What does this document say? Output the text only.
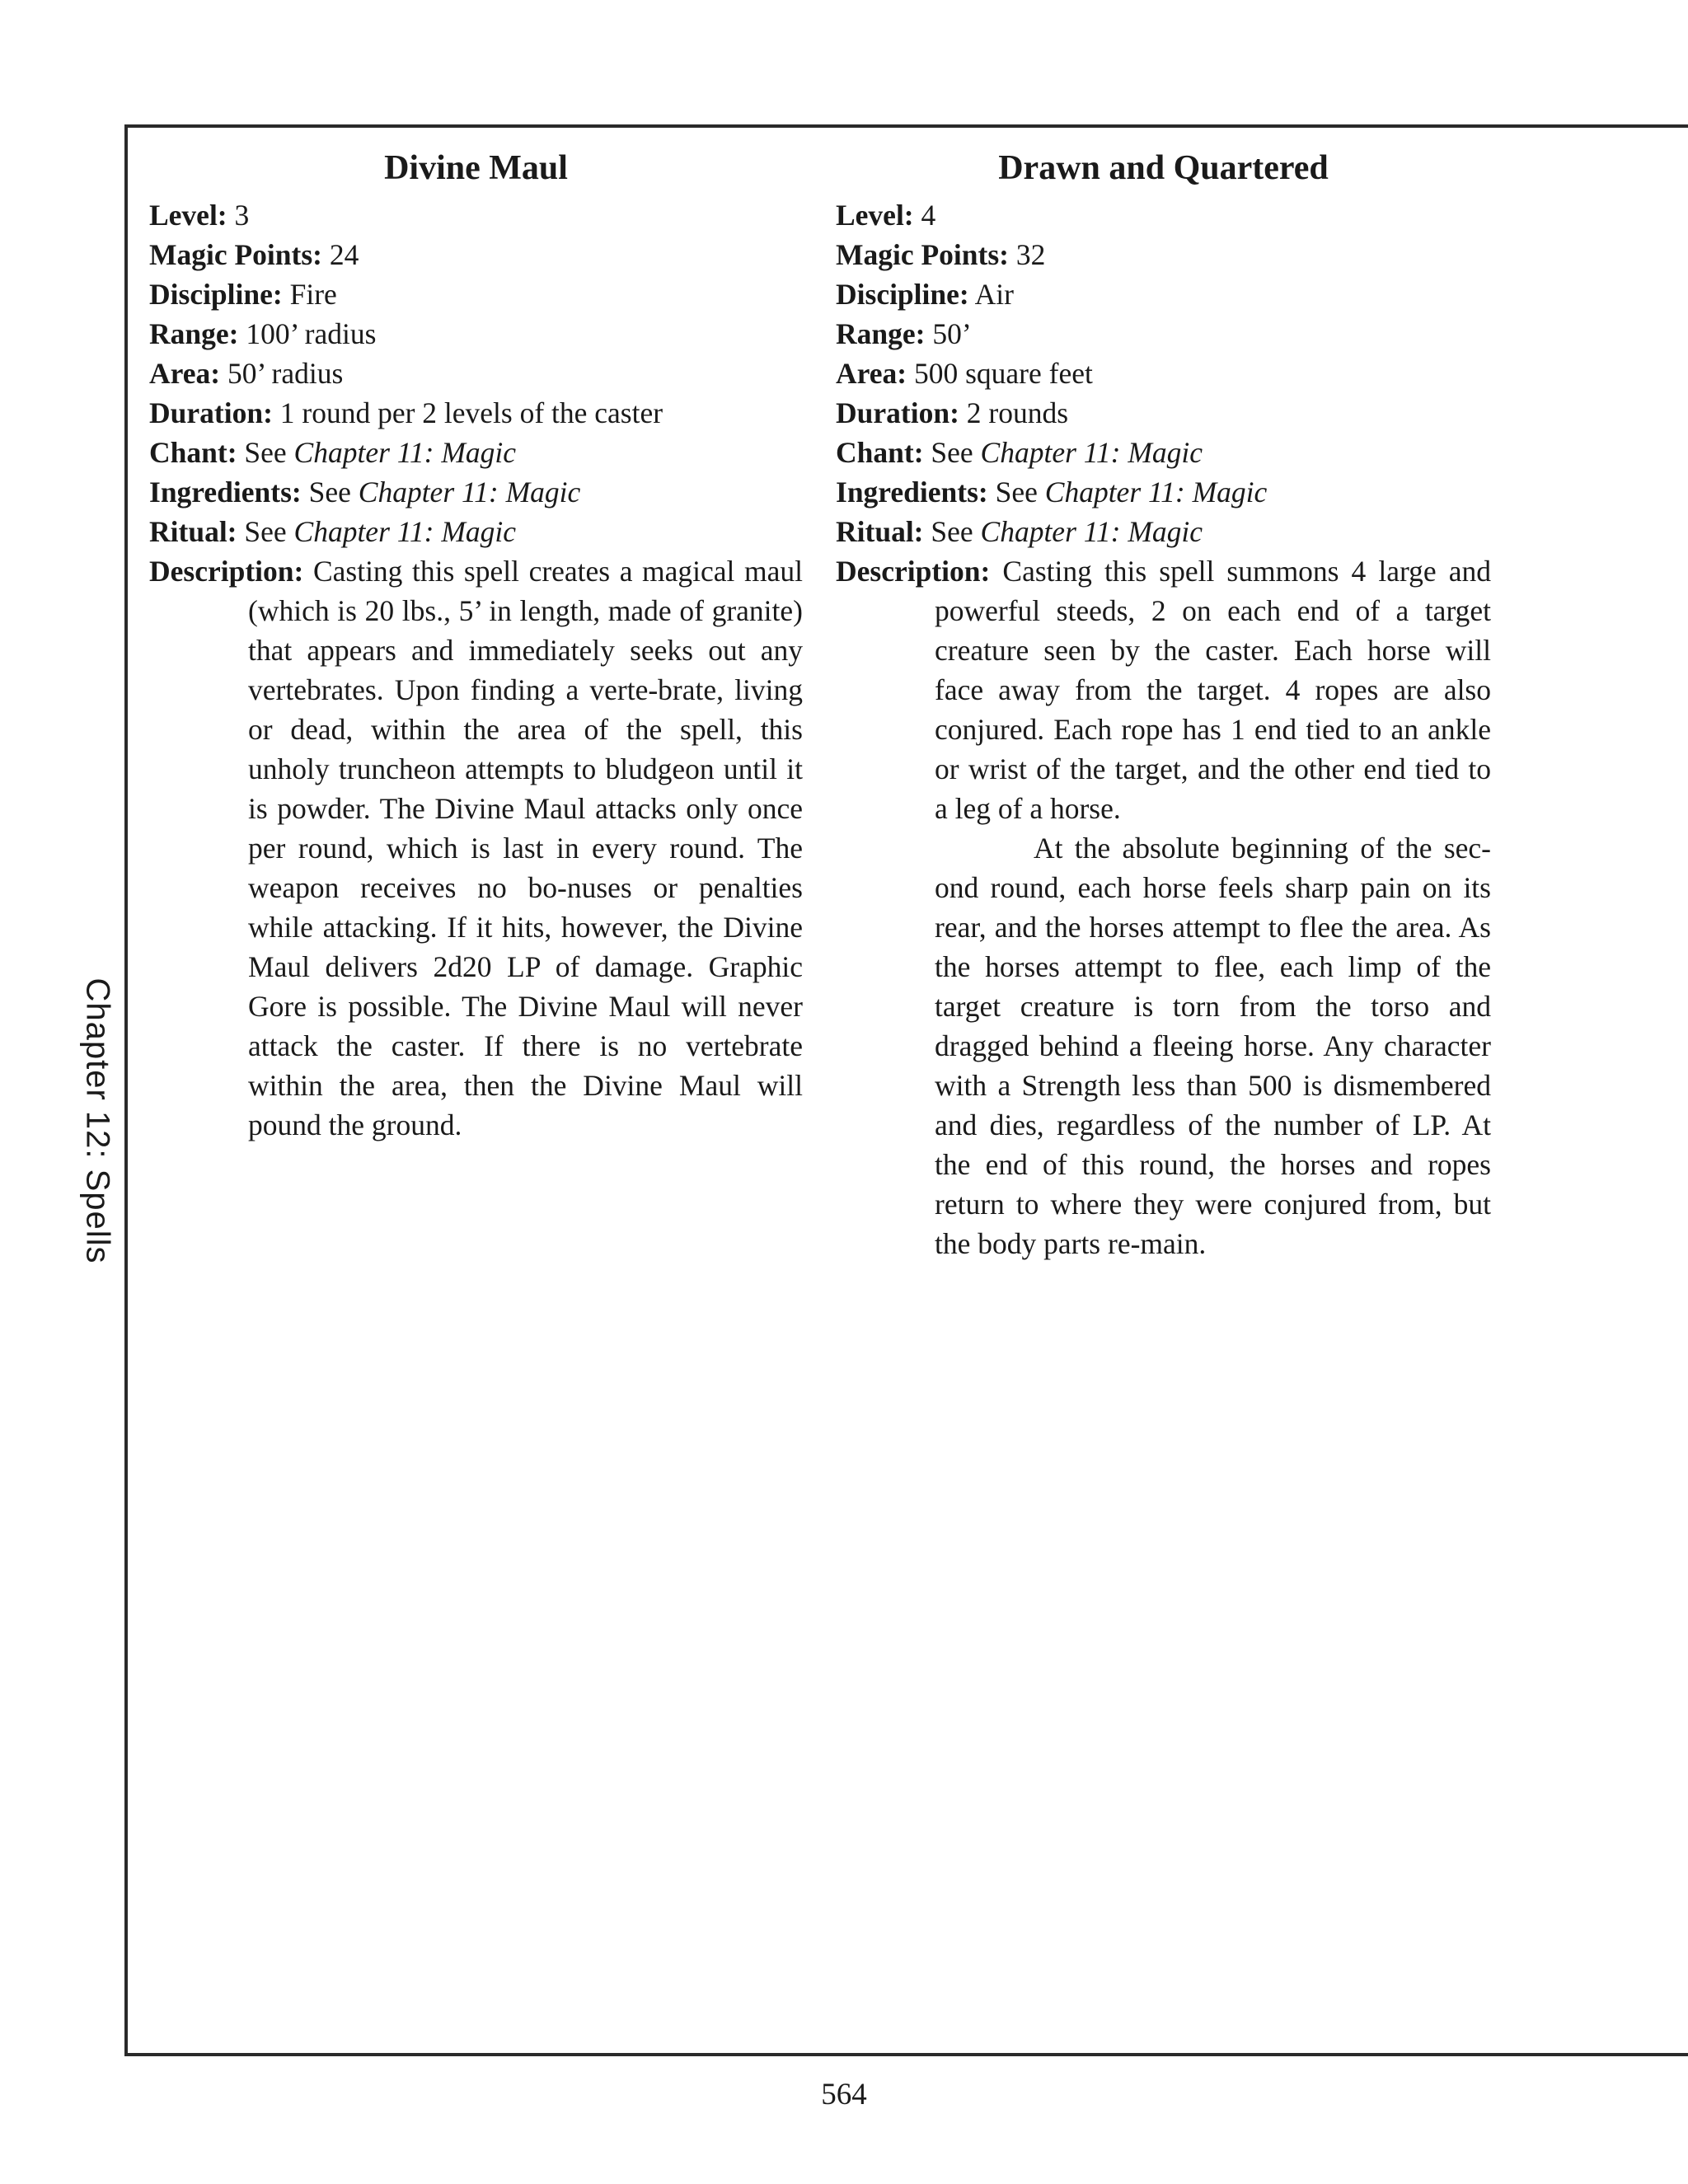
Chapter 12: Spells
Divine Maul
Level: 3
Magic Points: 24
Discipline: Fire
Range: 100’ radius
Area: 50’ radius
Duration: 1 round per 2 levels of the caster
Chant: See Chapter 11: Magic
Ingredients: See Chapter 11: Magic
Ritual: See Chapter 11: Magic

Description: Casting this spell creates a magical maul (which is 20 lbs., 5’ in length, made of granite) that appears and immediately seeks out any vertebrates. Upon finding a verte-brate, living or dead, within the area of the spell, this unholy truncheon attempts to bludgeon until it is powder. The Divine Maul attacks only once per round, which is last in every round. The weapon receives no bo-nuses or penalties while attacking. If it hits, however, the Divine Maul delivers 2d20 LP of damage. Graphic Gore is possible. The Divine Maul will never attack the caster. If there is no vertebrate within the area, then the Divine Maul will pound the ground.

Drawn and Quartered
Level: 4
Magic Points: 32
Discipline: Air
Range: 50’
Area: 500 square feet
Duration: 2 rounds
Chant: See Chapter 11: Magic
Ingredients: See Chapter 11: Magic
Ritual: See Chapter 11: Magic

Description: Casting this spell summons 4 large and powerful steeds, 2 on each end of a target creature seen by the caster. Each horse will face away from the target. 4 ropes are also conjured. Each rope has 1 end tied to an ankle or wrist of the target, and the other end tied to a leg of a horse.

At the absolute beginning of the sec-ond round, each horse feels sharp pain on its rear, and the horses attempt to flee the area. As the horses attempt to flee, each limp of the target creature is torn from the torso and dragged behind a fleeing horse. Any character with a Strength less than 500 is dismembered and dies, regardless of the number of LP. At the end of this round, the horses and ropes return to where they were conjured from, but the body parts re-main.

564
